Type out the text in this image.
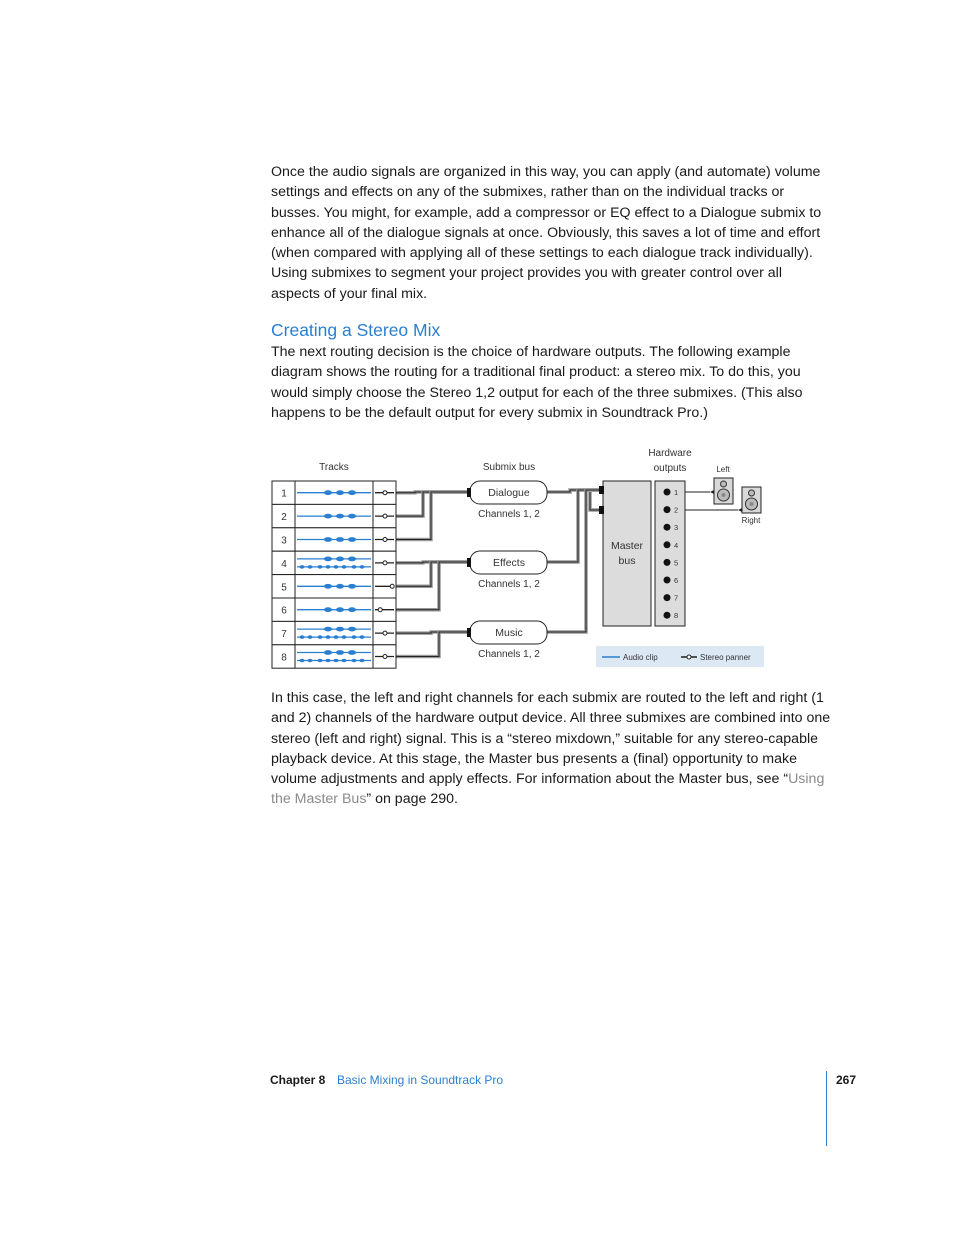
Once the audio signals are organized in this way, you can apply (and automate) volume settings and effects on any of the submixes, rather than on the individual tracks or busses. You might, for example, add a compressor or EQ effect to a Dialogue submix to enhance all of the dialogue signals at once. Obviously, this saves a lot of time and effort (when compared with applying all of these settings to each dialogue track individually). Using submixes to segment your project provides you with greater control over all aspects of your final mix.

Creating a Stereo Mix

The next routing decision is the choice of hardware outputs. The following example diagram shows the routing for a traditional final product: a stereo mix. To do this, you would simply choose the Stereo 1,2 output for each of the three submixes. (This also happens to be the default output for every submix in Soundtrack Pro.)

Tracks	Submix bus
Hardware
outputs
1
2
3
4
5
6
7
8
Dialogue
Channels 1, 2
Effects
Channels 1, 2
Music
Channels 1, 2
Master
bus
1
2
3
4
5
6
7
8
Left
Right
Audio clip	Stereo panner

In this case, the left and right channels for each submix are routed to the left and right (1 and 2) channels of the hardware output device. All three submixes are combined into one stereo (left and right) signal. This is a “stereo mixdown,” suitable for any stereo-capable playback device. At this stage, the Master bus presents a (final) opportunity to make volume adjustments and apply effects. For information about the Master bus, see “Using the Master Bus” on page 290.

Chapter 8 Basic Mixing in Soundtrack Pro	267
